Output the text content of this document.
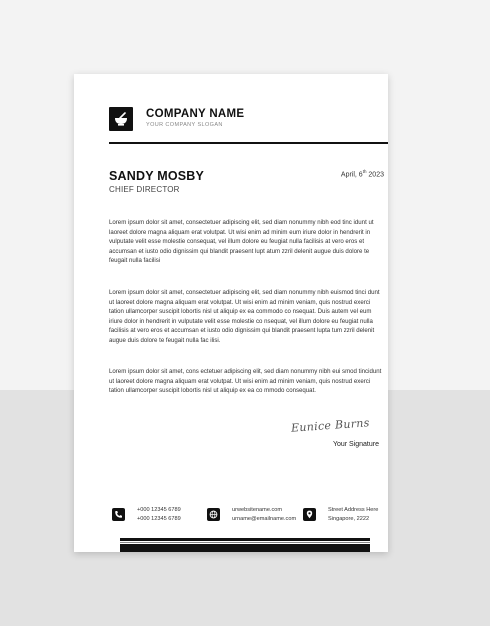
COMPANY NAME
YOUR COMPANY SLOGAN
SANDY MOSBY
CHIEF DIRECTOR
April, 6th 2023

Lorem ipsum dolor sit amet, consectetuer adipiscing elit, sed diam nonummy nibh eod tinc idunt ut laoreet dolore magna aliquam erat volutpat. Ut wisi enim ad minim eum iriure dolor in hendrerit in vulputate velit esse molestie consequat, vel illum dolore eu feugiat nulla facilisis at vero eros et accumsan et iusto odio dignissim qui blandit praesent lupt atum zzril delenit augue duis dolore te feugait nulla facilisi

Lorem ipsum dolor sit amet, consectetuer adipiscing elit, sed diam nonummy nibh euismod tinci dunt ut laoreet dolore magna aliquam erat volutpat. Ut wisi enim ad minim veniam, quis nostrud exerci tation ullamcorper suscipit lobortis nisl ut aliquip ex ea commodo co nsequat. Duis autem vel eum iriure dolor in hendrerit in vulputate velit esse molestie co nsequat, vel illum dolore eu feugiat nulla facilisis at vero eros et accumsan et iusto odio dignissim qui blandit praesent lupta tum zzril delenit augue duis dolore te feugait nulla fac ilisi.

Lorem ipsum dolor sit amet, cons ectetuer adipiscing elit, sed diam nonummy nibh eui smod tincidunt ut laoreet dolore magna aliquam erat volutpat. Ut wisi enim ad minim veniam, quis nostrud exerci tation ullamcorper suscipit lobortis nisl ut aliquip ex ea co mmodo consequat.

Eunice Burns
Your Signature
+000 12345 6789
+000 12345 6789
urwebsitename.com
urname@emailname.com
Street Address Here
Singapore, 2222
